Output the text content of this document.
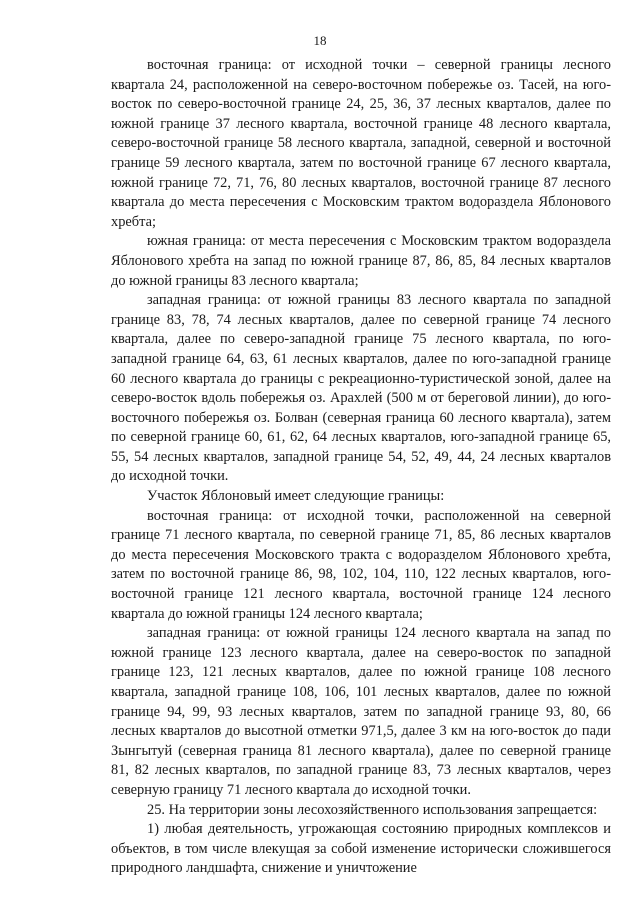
18

восточная граница: от исходной точки – северной границы лесного квартала 24, расположенной на северо-восточном побережье оз. Тасей, на юго-восток по северо-восточной границе 24, 25, 36, 37 лесных кварталов, далее по южной границе 37 лесного квартала, восточной границе 48 лесного квартала, северо-восточной границе 58 лесного квартала, западной, северной и восточной границе 59 лесного квартала, затем по восточной границе 67 лесного квартала, южной границе 72, 71, 76, 80 лесных кварталов, восточной границе 87 лесного квартала до места пересечения с Московским трактом водораздела Яблонового хребта;

южная граница: от места пересечения с Московским трактом водораздела Яблонового хребта на запад по южной границе 87, 86, 85, 84 лесных кварталов до южной границы 83 лесного квартала;

западная граница: от южной границы 83 лесного квартала по западной границе 83, 78, 74 лесных кварталов, далее по северной границе 74 лесного квартала, далее по северо-западной границе 75 лесного квартала, по юго-западной границе 64, 63, 61 лесных кварталов, далее по юго-западной границе 60 лесного квартала до границы с рекреационно-туристической зоной, далее на северо-восток вдоль побережья оз. Арахлей (500 м от береговой линии), до юго-восточного побережья оз. Болван (северная граница 60 лесного квартала), затем по северной границе 60, 61, 62, 64 лесных кварталов, юго-западной границе 65, 55, 54 лесных кварталов, западной границе 54, 52, 49, 44, 24 лесных кварталов до исходной точки.

Участок Яблоновый имеет следующие границы:

восточная граница: от исходной точки, расположенной на северной границе 71 лесного квартала, по северной границе 71, 85, 86 лесных кварталов до места пересечения Московского тракта с водоразделом Яблонового хребта, затем по восточной границе 86, 98, 102, 104, 110, 122 лесных кварталов, юго-восточной границе 121 лесного квартала, восточной границе 124 лесного квартала до южной границы 124 лесного квартала;

западная граница: от южной границы 124 лесного квартала на запад по южной границе 123 лесного квартала, далее на северо-восток по западной границе 123, 121 лесных кварталов, далее по южной границе 108 лесного квартала, западной границе 108, 106, 101 лесных кварталов, далее по южной границе 94, 99, 93 лесных кварталов, затем по западной границе 93, 80, 66 лесных кварталов до высотной отметки 971,5, далее 3 км на юго-восток до пади Зынгытуй (северная граница 81 лесного квартала), далее по северной границе 81, 82 лесных кварталов, по западной границе 83, 73 лесных кварталов, через северную границу 71 лесного квартала до исходной точки.

25. На территории зоны лесохозяйственного использования запрещается:

1) любая деятельность, угрожающая состоянию природных комплексов и объектов, в том числе влекущая за собой изменение исторически сложившегося природного ландшафта, снижение и уничтожение
